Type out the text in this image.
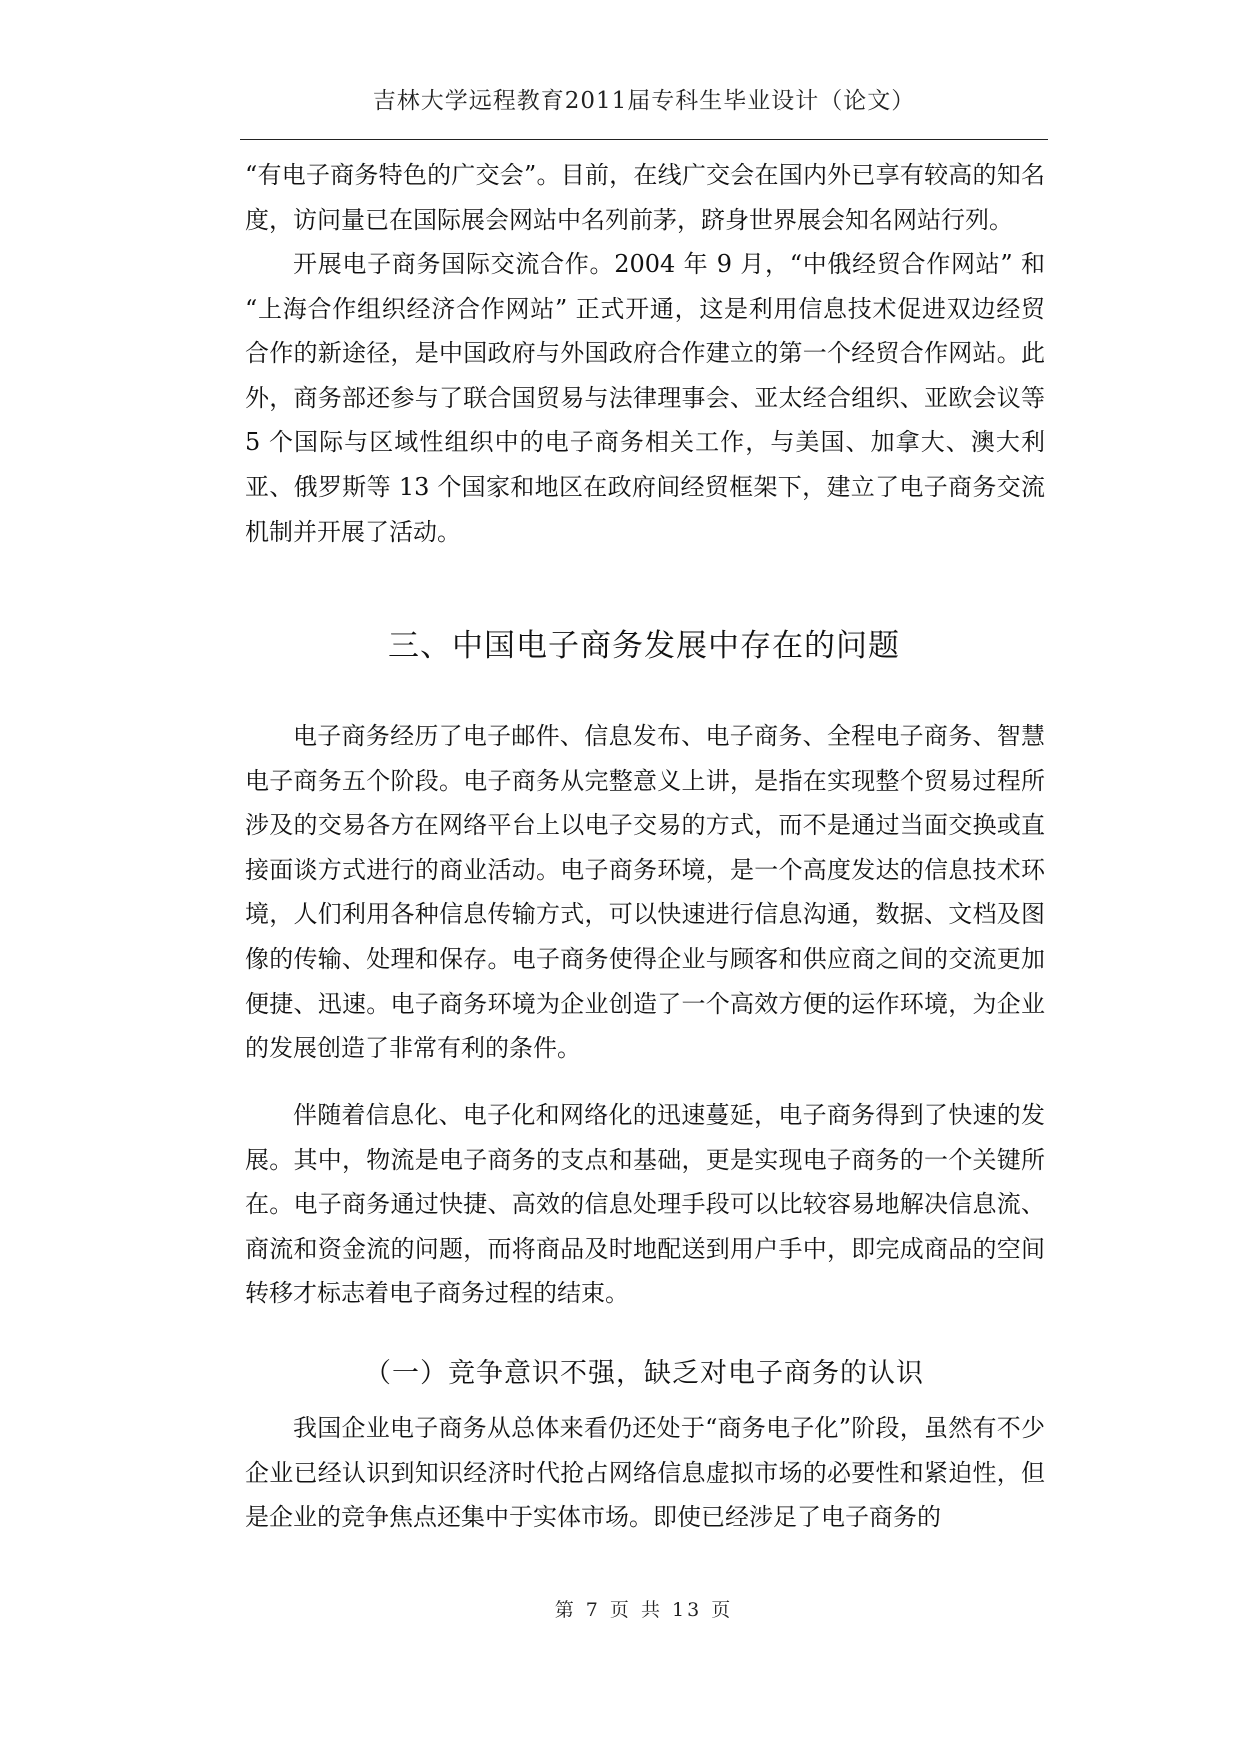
吉林大学远程教育2011届专科生毕业设计（论文）

“有电子商务特色的广交会”。目前，在线广交会在国内外已享有较高的知名度，访问量已在国际展会网站中名列前茅，跻身世界展会知名网站行列。

开展电子商务国际交流合作。2004 年 9 月，“中俄经贸合作网站” 和 “上海合作组织经济合作网站” 正式开通，这是利用信息技术促进双边经贸合作的新途径，是中国政府与外国政府合作建立的第一个经贸合作网站。此外，商务部还参与了联合国贸易与法律理事会、亚太经合组织、亚欧会议等 5 个国际与区域性组织中的电子商务相关工作，与美国、加拿大、澳大利亚、俄罗斯等 13 个国家和地区在政府间经贸框架下，建立了电子商务交流机制并开展了活动。

三、中国电子商务发展中存在的问题

电子商务经历了电子邮件、信息发布、电子商务、全程电子商务、智慧电子商务五个阶段。电子商务从完整意义上讲，是指在实现整个贸易过程所涉及的交易各方在网络平台上以电子交易的方式，而不是通过当面交换或直接面谈方式进行的商业活动。电子商务环境，是一个高度发达的信息技术环境，人们利用各种信息传输方式，可以快速进行信息沟通，数据、文档及图像的传输、处理和保存。电子商务使得企业与顾客和供应商之间的交流更加便捷、迅速。电子商务环境为企业创造了一个高效方便的运作环境，为企业的发展创造了非常有利的条件。

伴随着信息化、电子化和网络化的迅速蔓延，电子商务得到了快速的发展。其中，物流是电子商务的支点和基础，更是实现电子商务的一个关键所在。电子商务通过快捷、高效的信息处理手段可以比较容易地解决信息流、商流和资金流的问题，而将商品及时地配送到用户手中，即完成商品的空间转移才标志着电子商务过程的结束。

（一）竞争意识不强，缺乏对电子商务的认识

我国企业电子商务从总体来看仍还处于“商务电子化”阶段，虽然有不少企业已经认识到知识经济时代抢占网络信息虚拟市场的必要性和紧迫性，但是企业的竞争焦点还集中于实体市场。即使已经涉足了电子商务的

第 7 页 共 13 页
